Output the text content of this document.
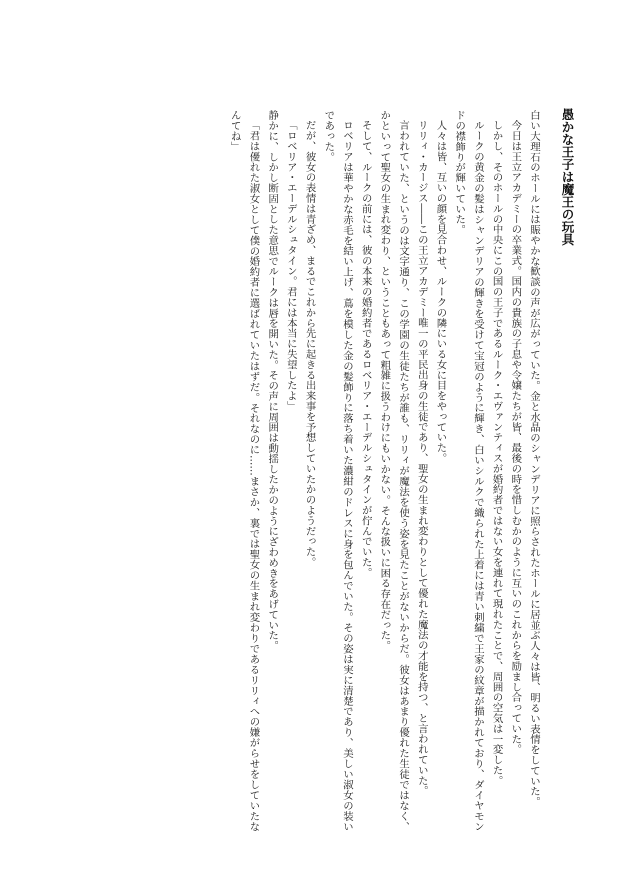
愚かな王子は魔王の玩具

白い大理石のホールには賑やかな歓談の声が広がっていた。金と水晶のシャンデリアに照らされたホールに居並ぶ人々は皆、明るい表情をしていた。

今日は王立アカデミーの卒業式。国内の貴族の子息や令嬢たちが皆、最後の時を惜しむかのように互いのこれからを励まし合っていた。

しかし、そのホールの中央にこの国の王子であるルーク・エヴァンティスが婚約者ではない女を連れて現れたことで、周囲の空気は一変した。

ルークの黄金の髪はシャンデリアの輝きを受けて宝冠のように輝き、白いシルクで織られた上着には青い刺繍で王家の紋章が描かれており、ダイヤモンドの襟飾りが輝いていた。

人々は皆、互いの顔を見合わせ、ルークの隣にいる女に目をやっていた。

リリィ・カージス――この王立アカデミー唯一の平民出身の生徒であり、聖女の生まれ変わりとして優れた魔法の才能を持つ、と言われていた。

言われていた、というのは文字通り、この学園の生徒たちが誰も、リリィが魔法を使う姿を見たことがないからだ。彼女はあまり優れた生徒ではなく、かといって聖女の生まれ変わり、ということもあって粗雑に扱うわけにもいかない。そんな扱いに困る存在だった。

そして、ルークの前には、彼の本来の婚約者であるロベリア・エーデルシュタインが佇んでいた。

ロベリアは華やかな赤毛を結い上げ、蔦を模した金の髪飾りに落ち着いた濃紺のドレスに身を包んでいた。その姿は実に清楚であり、美しい淑女の装いであった。

だが、彼女の表情は青ざめ、まるでこれから先に起きる出来事を予想していたかのようだった。

「ロベリア・エーデルシュタイン。君には本当に失望したよ」

静かに、しかし断固とした意思でルークは唇を開いた。その声に周囲は動揺したかのようにざわめきをあげていた。

「君は優れた淑女として僕の婚約者に選ばれていたはずだ。それなのに……まさか、裏では聖女の生まれ変わりであるリリィへの嫌がらせをしていたなんてね」
